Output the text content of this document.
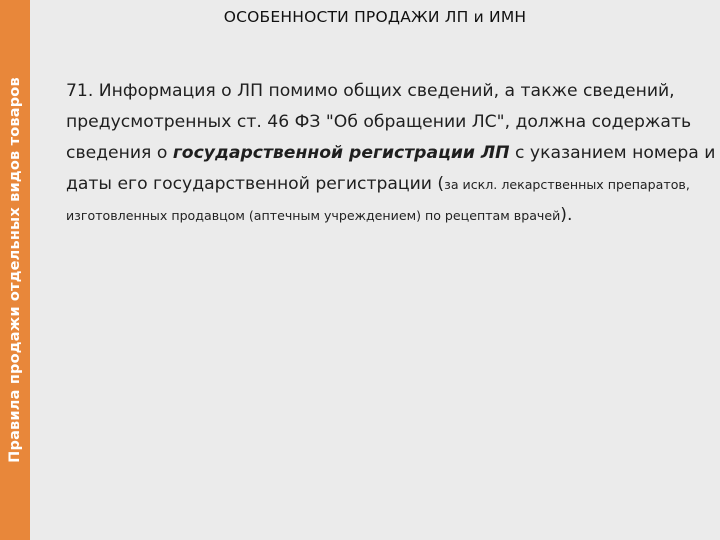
Правила продажи отдельных видов товаров
ОСОБЕННОСТИ ПРОДАЖИ ЛП и ИМН
71. Информация о ЛП помимо общих сведений, а также сведений, предусмотренных ст. 46 ФЗ "Об обращении ЛС", должна содержать сведения о государственной регистрации ЛП с указанием номера и даты его государственной регистрации (за искл. лекарственных препаратов, изготовленных продавцом (аптечным учреждением) по рецептам врачей).
